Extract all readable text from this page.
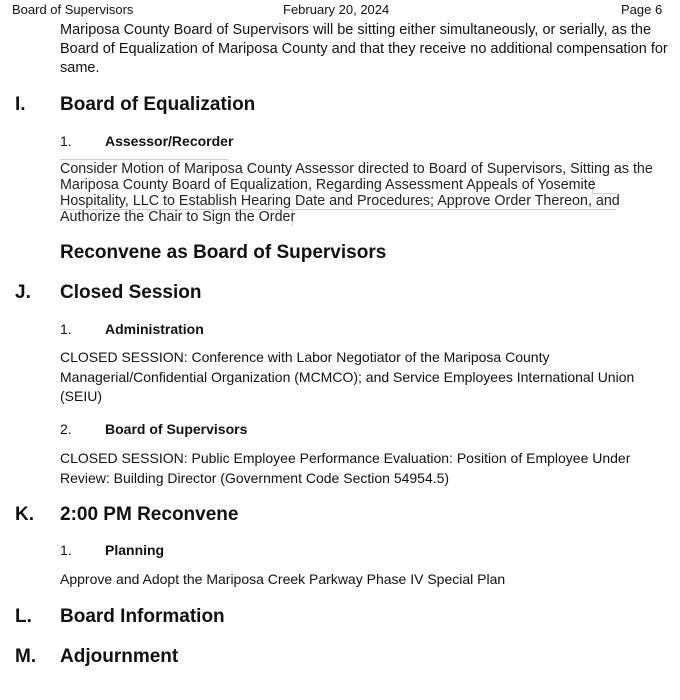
Board of Supervisors	February 20, 2024	Page 6
Mariposa County Board of Supervisors will be sitting either simultaneously, or serially, as the
Board of Equalization of Mariposa County and that they receive no additional compensation for
same.
I. Board of Equalization
1. Assessor/Recorder
Consider Motion of Mariposa County Assessor directed to Board of Supervisors, Sitting as the
Mariposa County Board of Equalization, Regarding Assessment Appeals of Yosemite
Hospitality, LLC to Establish Hearing Date and Procedures; Approve Order Thereon, and
Authorize the Chair to Sign the Order
Reconvene as Board of Supervisors
J. Closed Session
1. Administration
CLOSED SESSION: Conference with Labor Negotiator of the Mariposa County Managerial/Confidential Organization (MCMCO); and Service Employees International Union (SEIU)
2. Board of Supervisors
CLOSED SESSION: Public Employee Performance Evaluation: Position of Employee Under Review: Building Director (Government Code Section 54954.5)
K. 2:00 PM Reconvene
1. Planning
Approve and Adopt the Mariposa Creek Parkway Phase IV Special Plan
L. Board Information
M. Adjournment
